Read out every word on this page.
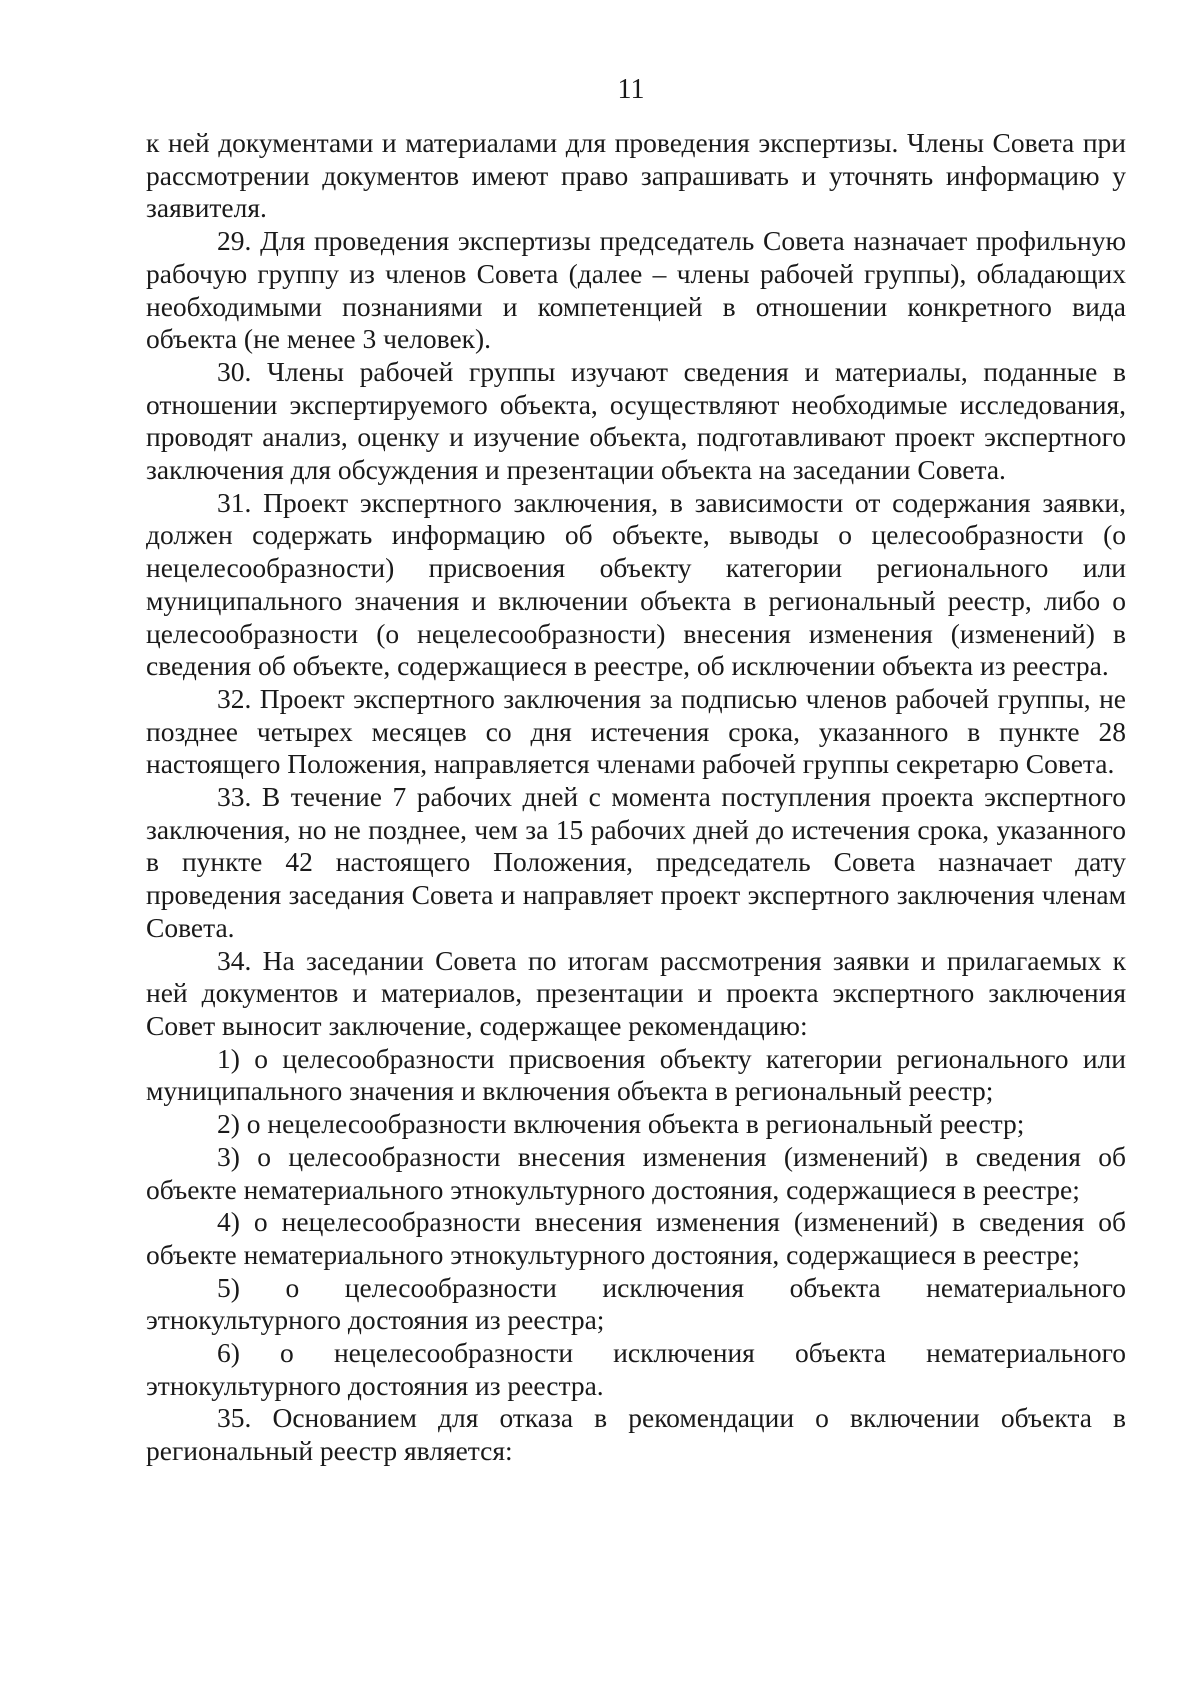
11

к ней документами и материалами для проведения экспертизы. Члены Совета при рассмотрении документов имеют право запрашивать и уточнять информацию у заявителя.

29. Для проведения экспертизы председатель Совета назначает профильную рабочую группу из членов Совета (далее – члены рабочей группы), обладающих необходимыми познаниями и компетенцией в отношении конкретного вида объекта (не менее 3 человек).

30. Члены рабочей группы изучают сведения и материалы, поданные в отношении экспертируемого объекта, осуществляют необходимые исследования, проводят анализ, оценку и изучение объекта, подготавливают проект экспертного заключения для обсуждения и презентации объекта на заседании Совета.

31. Проект экспертного заключения, в зависимости от содержания заявки, должен содержать информацию об объекте, выводы о целесообразности (о нецелесообразности) присвоения объекту категории регионального или муниципального значения и включении объекта в региональный реестр, либо о целесообразности (о нецелесообразности) внесения изменения (изменений) в сведения об объекте, содержащиеся в реестре, об исключении объекта из реестра.

32. Проект экспертного заключения за подписью членов рабочей группы, не позднее четырех месяцев со дня истечения срока, указанного в пункте 28 настоящего Положения, направляется членами рабочей группы секретарю Совета.

33. В течение 7 рабочих дней с момента поступления проекта экспертного заключения, но не позднее, чем за 15 рабочих дней до истечения срока, указанного в пункте 42 настоящего Положения, председатель Совета назначает дату проведения заседания Совета и направляет проект экспертного заключения членам Совета.

34. На заседании Совета по итогам рассмотрения заявки и прилагаемых к ней документов и материалов, презентации и проекта экспертного заключения Совет выносит заключение, содержащее рекомендацию:

1) о целесообразности присвоения объекту категории регионального или муниципального значения и включения объекта в региональный реестр;

2) о нецелесообразности включения объекта в региональный реестр;

3) о целесообразности внесения изменения (изменений) в сведения об объекте нематериального этнокультурного достояния, содержащиеся в реестре;

4) о нецелесообразности внесения изменения (изменений) в сведения об объекте нематериального этнокультурного достояния, содержащиеся в реестре;

5) о целесообразности исключения объекта нематериального этнокультурного достояния из реестра;

6) о нецелесообразности исключения объекта нематериального этнокультурного достояния из реестра.

35. Основанием для отказа в рекомендации о включении объекта в региональный реестр является:
